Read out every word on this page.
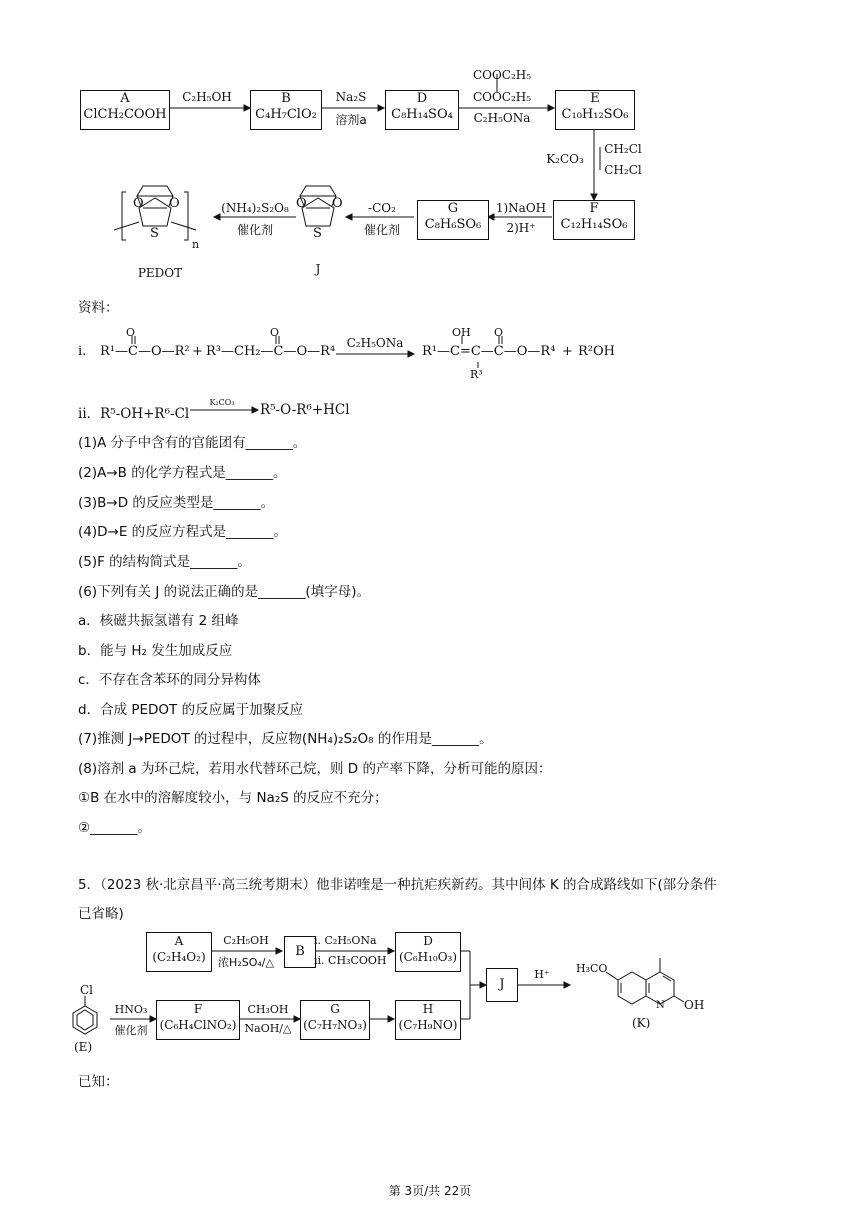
A
ClCH₂COOH
C₂H₅OH	B
C₄H₇ClO₂
Na₂S
溶剂a
D
C₈H₁₄SO₄
COOC₂H₅
COOC₂H₅
C₂H₅ONa
E
C₁₀H₁₂SO₆
K₂CO₃
CH₂Cl
CH₂Cl
F
C₁₂H₁₄SO₆
1)NaOH
2)H⁺
G
C₈H₆SO₆
-CO₂
催化剂
O O
S
J
(NH₄)₂S₂O₈
催化剂
O O
S
n
PEDOT
资料：
i.
O
R¹—C—O—R² +
O
R³—CH₂—C—O—R⁴
C₂H₅ONa
OH O
R¹—C=C—C—O—R⁴
R³
+ R²OH
ii．R⁵-OH+R⁶-Cl
K₂CO₃	R⁵-O-R⁶+HCl
(1)A 分子中含有的官能团有_______。
(2)A→B 的化学方程式是_______。
(3)B→D 的反应类型是_______。
(4)D→E 的反应方程式是_______。
(5)F 的结构简式是_______。
(6)下列有关 J 的说法正确的是_______(填字母)。
a．核磁共振氢谱有 2 组峰
b．能与 H₂ 发生加成反应
c．不存在含苯环的同分异构体
d．合成 PEDOT 的反应属于加聚反应
(7)推测 J→PEDOT 的过程中，反应物(NH₄)₂S₂O₈ 的作用是_______。
(8)溶剂 a 为环己烷，若用水代替环己烷，则 D 的产率下降，分析可能的原因：
①B 在水中的溶解度较小，与 Na₂S 的反应不充分；
②_______。
5．（2023 秋·北京昌平·高三统考期末）他非诺喹是一种抗疟疾新药。其中间体 K 的合成路线如下(部分条件
已省略)
A
(C₂H₄O₂)
C₂H₅OH
浓H₂SO₄/△
B
i. C₂H₅ONa
ii. CH₃COOH
D
(C₆H₁₀O₃)
Cl
(E)
HNO₃
催化剂
F
(C₆H₄ClNO₂)
CH₃OH
NaOH/△
G
(C₇H₇NO₃)
H
(C₇H₉NO)
J
H⁺	H₃CO
N OH
(K)
已知：
第 3页/共 22页
